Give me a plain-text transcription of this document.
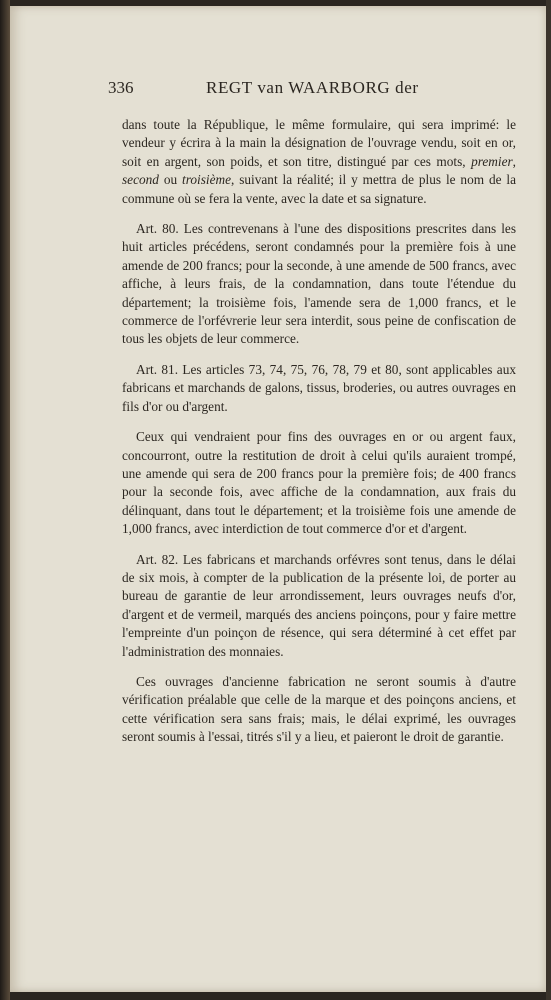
336	REGT van WAARBORG der

dans toute la République, le même formulaire, qui sera imprimé: le vendeur y écrira à la main la désignation de l'ouvrage vendu, soit en or, soit en argent, son poids, et son titre, distingué par ces mots, premier, second ou troisième, suivant la réalité; il y mettra de plus le nom de la commune où se fera la vente, avec la date et sa signature.

Art. 80. Les contrevenans à l'une des dispositions prescrites dans les huit articles précédens, seront condamnés pour la première fois à une amende de 200 francs; pour la seconde, à une amende de 500 francs, avec affiche, à leurs frais, de la condamnation, dans toute l'étendue du département; la troisième fois, l'amende sera de 1,000 francs, et le commerce de l'orfévrerie leur sera interdit, sous peine de confiscation de tous les objets de leur commerce.

Art. 81. Les articles 73, 74, 75, 76, 78, 79 et 80, sont applicables aux fabricans et marchands de galons, tissus, broderies, ou autres ouvrages en fils d'or ou d'argent.

Ceux qui vendraient pour fins des ouvrages en or ou argent faux, concourront, outre la restitution de droit à celui qu'ils auraient trompé, une amende qui sera de 200 francs pour la première fois; de 400 francs pour la seconde fois, avec affiche de la condamnation, aux frais du délinquant, dans tout le département; et la troisième fois une amende de 1,000 francs, avec interdiction de tout commerce d'or et d'argent.

Art. 82. Les fabricans et marchands orfévres sont tenus, dans le délai de six mois, à compter de la publication de la présente loi, de porter au bureau de garantie de leur arrondissement, leurs ouvrages neufs d'or, d'argent et de vermeil, marqués des anciens poinçons, pour y faire mettre l'empreinte d'un poinçon de résence, qui sera déterminé à cet effet par l'administration des monnaies.

Ces ouvrages d'ancienne fabrication ne seront soumis à d'autre vérification préalable que celle de la marque et des poinçons anciens, et cette vérification sera sans frais; mais, le délai exprimé, les ouvrages seront soumis à l'essai, titrés s'il y a lieu, et paieront le droit de garantie.
